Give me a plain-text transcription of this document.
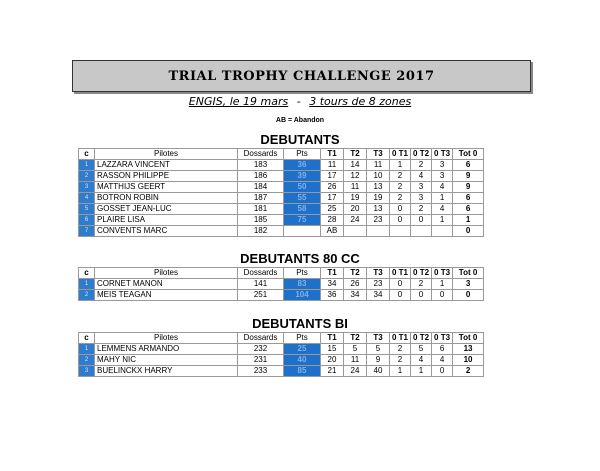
TRIAL TROPHY CHALLENGE 2017
ENGIS, le 19 mars - 3 tours de 8 zones
AB = Abandon
DEBUTANTS
DEBUTANTS 80 CC
DEBUTANTS BI
c	Pilotes	Dossards	Pts	T1	T2	T3	0 T1	0 T2	0 T3	Tot 0
1	LAZZARA VINCENT	183	36	11	14	11	1	2	3	6
2	RASSON PHILIPPE	186	39	17	12	10	2	4	3	9
3	MATTHIJS GEERT	184	50	26	11	13	2	3	4	9
4	BOTRON ROBIN	187	55	17	19	19	2	3	1	6
5	GOSSET JEAN-LUC	181	58	25	20	13	0	2	4	6
6	PLAIRE LISA	185	75	28	24	23	0	0	1	1
7	CONVENTS MARC	182		AB						0
c	Pilotes	Dossards	Pts	T1	T2	T3	0 T1	0 T2	0 T3	Tot 0
1	CORNET MANON	141	83	34	26	23	0	2	1	3
2	MEIS TEAGAN	251	104	36	34	34	0	0	0	0
c	Pilotes	Dossards	Pts	T1	T2	T3	0 T1	0 T2	0 T3	Tot 0
1	LEMMENS ARMANDO	232	25	15	5	5	2	5	6	13
2	MAHY NIC	231	40	20	11	9	2	4	4	10
3	BUELINCKX HARRY	233	85	21	24	40	1	1	0	2
